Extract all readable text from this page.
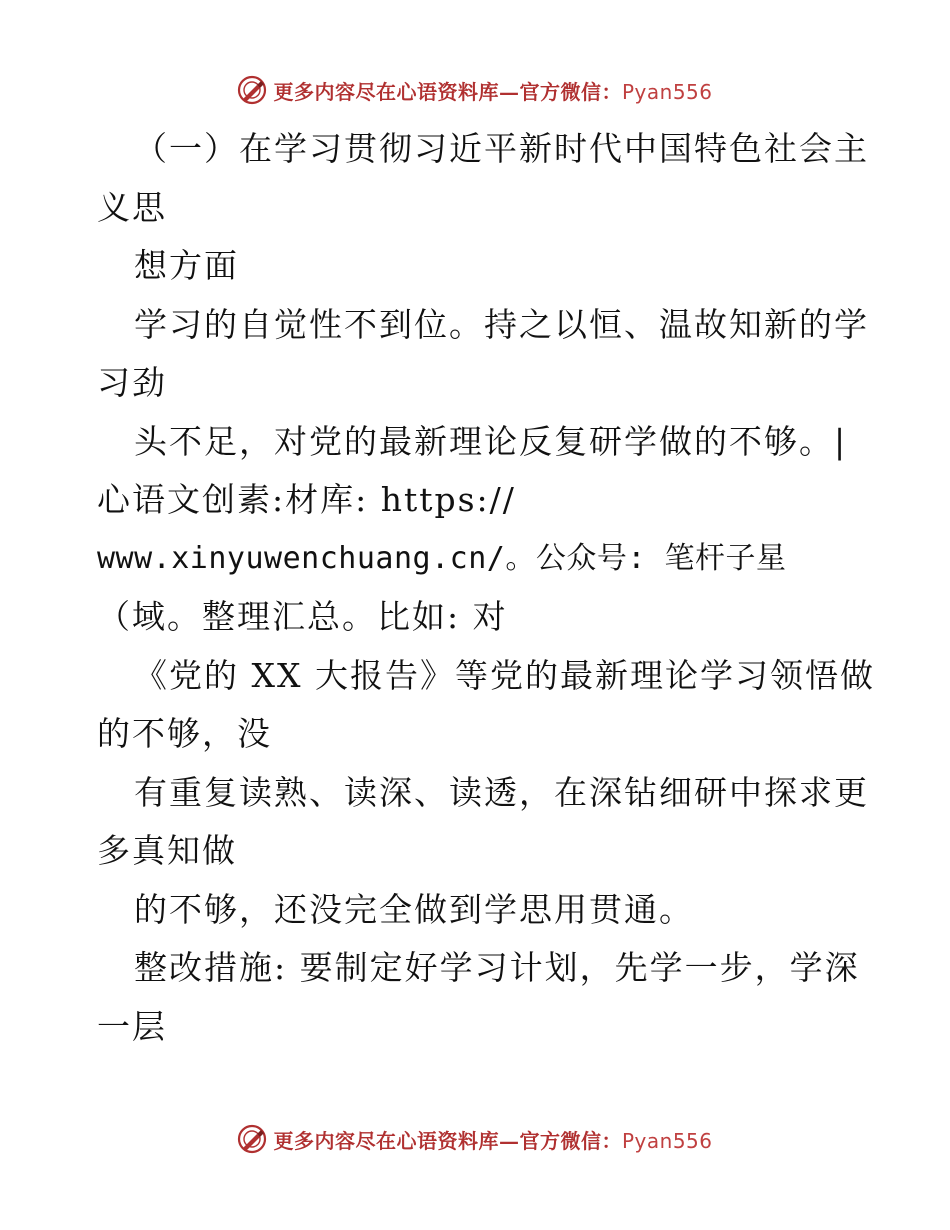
更多内容尽在心语资料库—官方微信：Pyan556
（一）在学习贯彻习近平新时代中国特色社会主
义思
想方面
学习的自觉性不到位。持之以恒、温故知新的学
习劲
头不足，对党的最新理论反复研学做的不够。|
心语文创素:材库: https://
www.xinyuwenchuang.cn/。公众号: 笔杆子星
（域。整理汇总。比如: 对
《党的 XX 大报告》等党的最新理论学习领悟做
的不够，没
有重复读熟、读深、读透，在深钻细研中探求更
多真知做
的不够，还没完全做到学思用贯通。
整改措施: 要制定好学习计划，先学一步，学深
一层
更多内容尽在心语资料库—官方微信：Pyan556
